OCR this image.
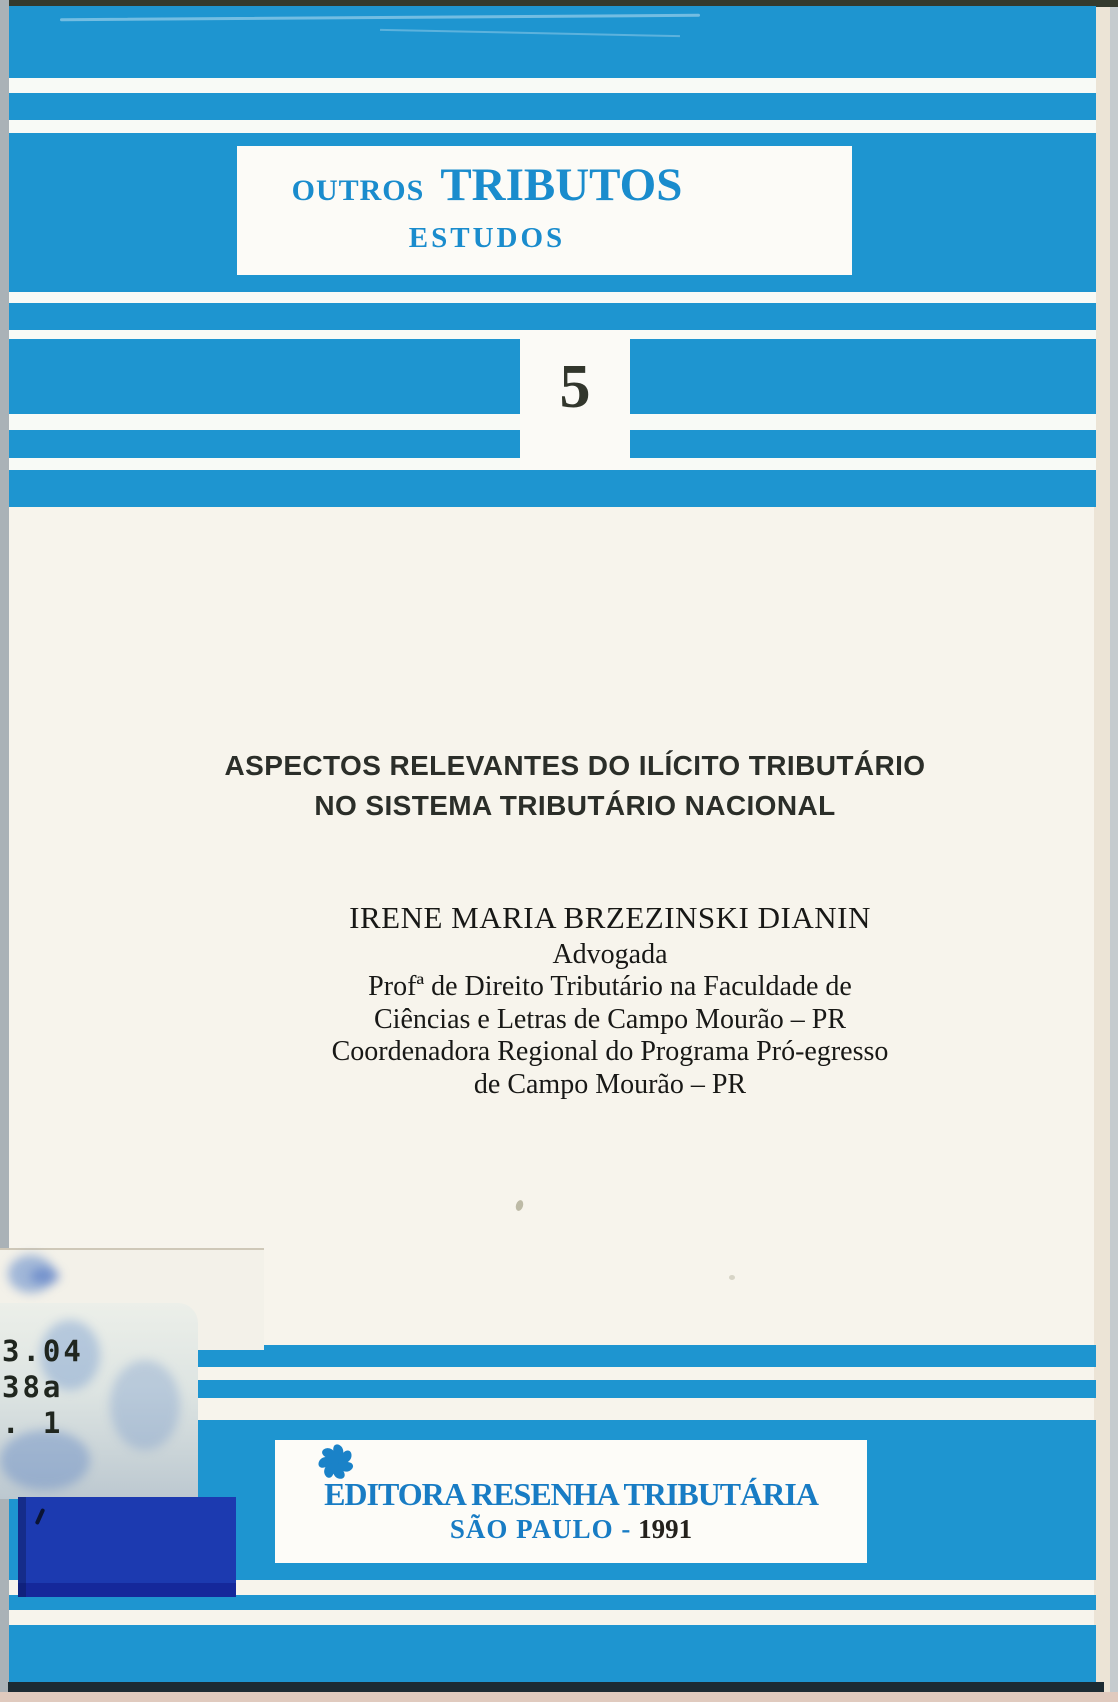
OUTROS TRIBUTOS
ESTUDOS
5
ASPECTOS RELEVANTES DO ILÍCITO TRIBUTÁRIO
NO SISTEMA TRIBUTÁRIO NACIONAL
IRENE MARIA BRZEZINSKI DIANIN
Advogada
Profª de Direito Tributário na Faculdade de
Ciências e Letras de Campo Mourão – PR
Coordenadora Regional do Programa Pró-egresso
de Campo Mourão – PR
EDITORA RESENHA TRIBUTÁRIA
SÃO PAULO - 1991
3.04
38a
. 1
